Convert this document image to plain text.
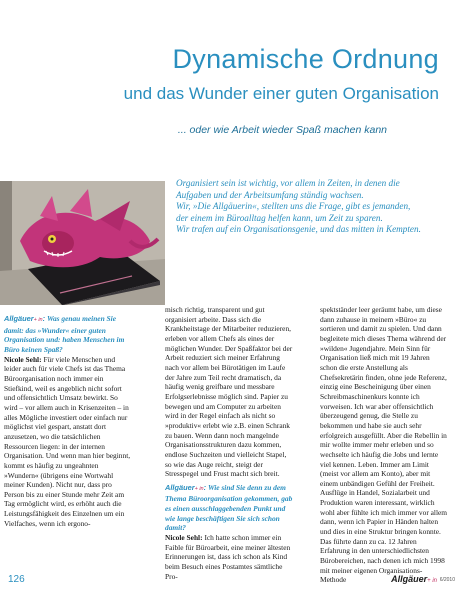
Dynamische Ordnung
und das Wunder einer guten Organisation
... oder wie Arbeit wieder Spaß machen kann

Organisiert sein ist wichtig, vor allem in Zeiten, in denen die

Aufgaben und der Arbeitsumfang ständig wachsen.

Wir, »Die Allgäuerin«, stellten uns die Frage, gibt es jemanden,

der einem im Büroalltag helfen kann, um Zeit zu sparen.

Wir trafen auf ein Organisationsgenie, und das mitten in Kempten.

Allgäuer+ in: Was genau meinen Sie damit: das »Wunder« einer guten Organisation und: haben Menschen im Büro keinen Spaß?

Nicole Sehl: Für viele Menschen und leider auch für viele Chefs ist das Thema Büroorganisation noch immer ein Stiefkind, weil es angeblich nicht sofort und offensichtlich Umsatz bewirkt. So wird – vor allem auch in Krisenzeiten – in alles Mögliche investiert oder einfach nur möglichst viel gespart, anstatt dort anzusetzen, wo die tatsächlichen Ressourcen liegen: in der internen Organisation. Und wenn man hier beginnt, kommt es häufig zu ungeahnten »Wundern« (übrigens eine Wortwahl meiner Kunden). Nicht nur, dass pro Person bis zu einer Stunde mehr Zeit am Tag ermöglicht wird, es erhöht auch die Leistungsfähigkeit des Einzelnen um ein Vielfaches, wenn ich ergono-

misch richtig, transparent und gut organisiert arbeite. Dass sich die Krankheitstage der Mitarbeiter reduzieren, erleben vor allem Chefs als eines der möglichen Wunder. Der Spaßfaktor bei der Arbeit reduziert sich meiner Erfahrung nach vor allem bei Bürotätigen im Laufe der Jahre zum Teil recht dramatisch, da häufig wenig greifbare und messbare Erfolgserlebnisse möglich sind. Papier zu bewegen und am Computer zu arbeiten wird in der Regel einfach als nicht so »produktiv« erlebt wie z.B. einen Schrank zu bauen. Wenn dann noch mangelnde Organisationsstrukturen dazu kommen, endlose Suchzeiten und vielleicht Stapel, so wie das Auge reicht, steigt der Stresspegel und Frust macht sich breit.

Allgäuer+ in: Wie sind Sie denn zu dem Thema Büroorganisation gekommen, gab es einen ausschlaggebenden Punkt und wie lange beschäftigen Sie sich schon damit?

Nicole Sehl: Ich hatte schon immer ein Faible für Büroarbeit, eine meiner ältesten Erinnerungen ist, dass ich schon als Kind beim Besuch eines Postamtes sämtliche Pro-

spektständer leer geräumt habe, um diese dann zuhause in meinem »Büro« zu sortieren und damit zu spielen. Und dann begleitete mich dieses Thema während der »wilden« Jugendjahre. Mein Sinn für Organisation ließ mich mit 19 Jahren schon die erste Anstellung als Chefsekretärin finden, ohne jede Referenz, einzig eine Bescheinigung über einen Schreibmaschinenkurs konnte ich vorweisen. Ich war aber offensichtlich überzeugend genug, die Stelle zu bekommen und habe sie auch sehr erfolgreich ausgefüllt. Aber die Rebellin in mir wollte immer mehr erleben und so wechselte ich häufig die Jobs und lernte viel kennen. Leben. Immer am Limit (meist vor allem am Konto), aber mit einem unbändigen Gefühl der Freiheit. Ausflüge in Handel, Sozialarbeit und Produktion waren interessant, wirklich wohl aber fühlte ich mich immer vor allem dann, wenn ich Papier in Händen halten und dies in eine Struktur bringen konnte. Das führte dann zu ca. 12 Jahren Erfahrung in den unterschiedlichsten Bürobereichen, nach denen ich mich 1998 mit meiner eigenen Organisations-Methode

126	Allgäuer+ in 6/2010
